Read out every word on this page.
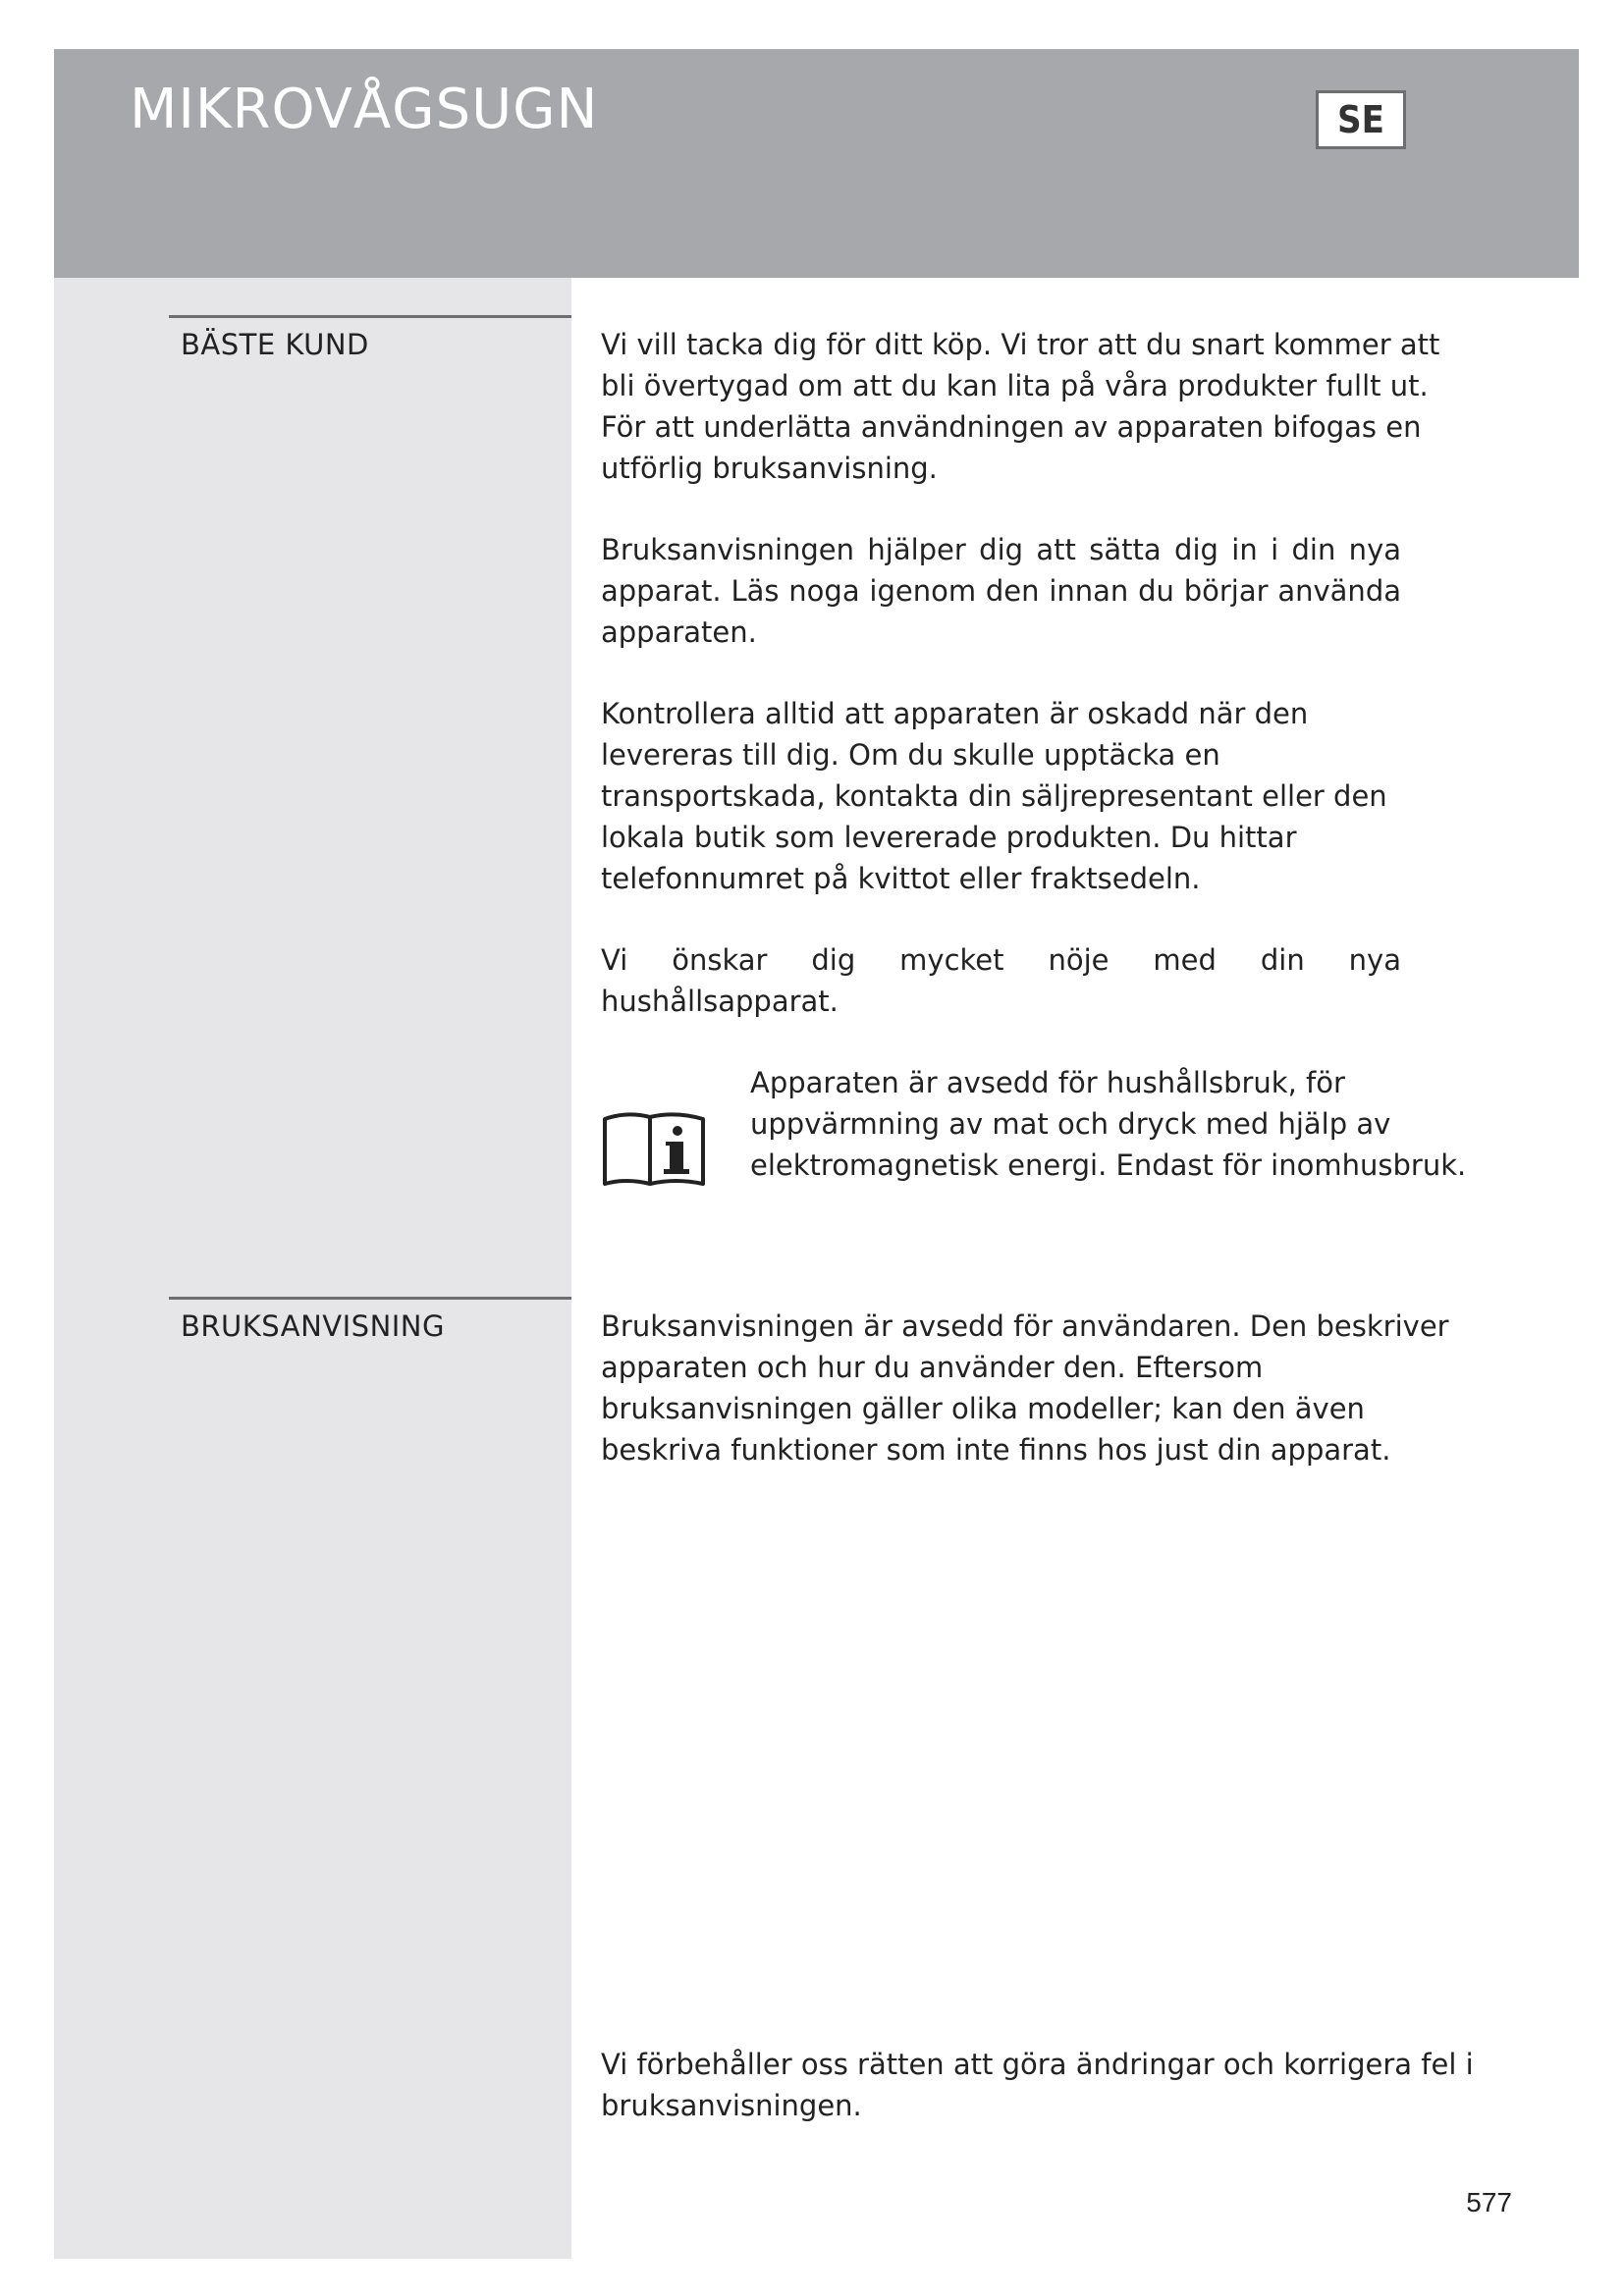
MIKROVÅGSUGN	SE
BÄSTE KUND	Vi vill tacka dig för ditt köp. Vi tror att du snart kommer att bli övertygad om att du kan lita på våra produkter fullt ut. För att underlätta användningen av apparaten bifogas en utförlig bruksanvisning.

Bruksanvisningen hjälper dig att sätta dig in i din nya apparat. Läs noga igenom den innan du börjar använda apparaten.

Kontrollera alltid att apparaten är oskadd när den levereras till dig. Om du skulle upptäcka en transportskada, kontakta din säljrepresentant eller den lokala butik som levererade produkten. Du hittar telefonnumret på kvittot eller fraktsedeln.

Vi önskar dig mycket nöje med din nya hushållsapparat.

Apparaten är avsedd för hushållsbruk, för uppvärmning av mat och dryck med hjälp av elektromagnetisk energi. Endast för inomhusbruk.

BRUKSANVISNING	Bruksanvisningen är avsedd för användaren. Den beskriver apparaten och hur du använder den. Eftersom bruksanvisningen gäller olika modeller; kan den även beskriva funktioner som inte finns hos just din apparat.

Vi förbehåller oss rätten att göra ändringar och korrigera fel i bruksanvisningen.

577
